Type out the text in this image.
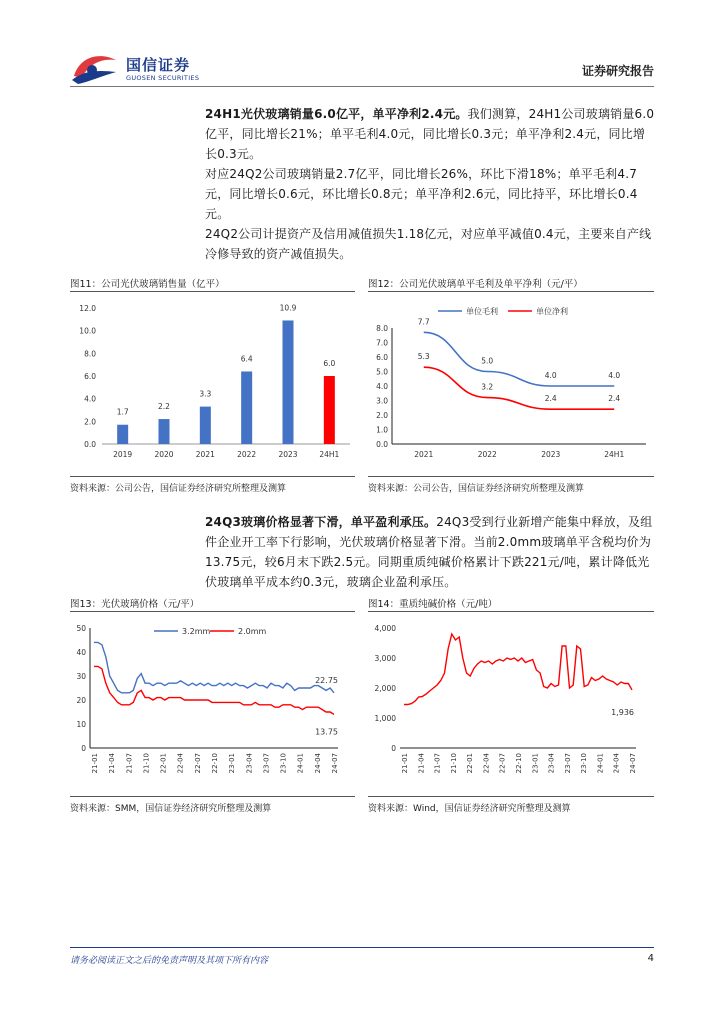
国信证券
GUOSEN SECURITIES	证券研究报告

24H1光伏玻璃销量6.0亿平，单平净利2.4元。我们测算，24H1公司玻璃销量6.0亿平，同比增长21%；单平毛利4.0元，同比增长0.3元；单平净利2.4元，同比增长0.3元。

对应24Q2公司玻璃销量2.7亿平，同比增长26%，环比下滑18%；单平毛利4.7元，同比增长0.6元，环比增长0.8元；单平净利2.6元，同比持平，环比增长0.4元。

24Q2公司计提资产及信用减值损失1.18亿元，对应单平减值0.4元，主要来自产线冷修导致的资产减值损失。

图11：公司光伏玻璃销售量（亿平）
0.0
2.0
4.0
6.0
8.0
10.0
12.0
1.7
2019
2.2
2020
3.3
2021
6.4
2022
10.9
2023
6.0
24H1
资料来源：公司公告，国信证券经济研究所整理及测算
图12：公司光伏玻璃单平毛利及单平净利（元/平）
0.0
1.0
2.0
3.0
4.0
5.0
6.0
7.0
8.0
2021	2022	2023	24H1
单位毛利
7.7
5.0
4.0	4.0
单位净利
5.3
3.2
2.4	2.4
资料来源：公司公告，国信证券经济研究所整理及测算

24Q3玻璃价格显著下滑，单平盈利承压。24Q3受到行业新增产能集中释放，及组件企业开工率下行影响，光伏玻璃价格显著下滑。当前2.0mm玻璃单平含税均价为13.75元，较6月末下跌2.5元。同期重质纯碱价格累计下跌221元/吨，累计降低光伏玻璃单平成本约0.3元，玻璃企业盈利承压。

图13：光伏玻璃价格（元/平）
0
10
20
30
40
50
21-01 21-04 21-07 21-10 22-01 22-04 22-07 22-10 23-01 23-04 23-07 23-10 24-01 24-04 24-07
3.2mm
22.75
2.0mm
13.75
资料来源：SMM，国信证券经济研究所整理及测算
图14：重质纯碱价格（元/吨）
0
1,000
2,000
3,000
4,000
21-01 21-04 21-07 21-10 22-01 22-04 22-07 22-10 23-01 23-04 23-07 23-10 24-01 24-04 24-07
1,936
资料来源：Wind，国信证券经济研究所整理及测算
请务必阅读正文之后的免责声明及其项下所有内容	4
